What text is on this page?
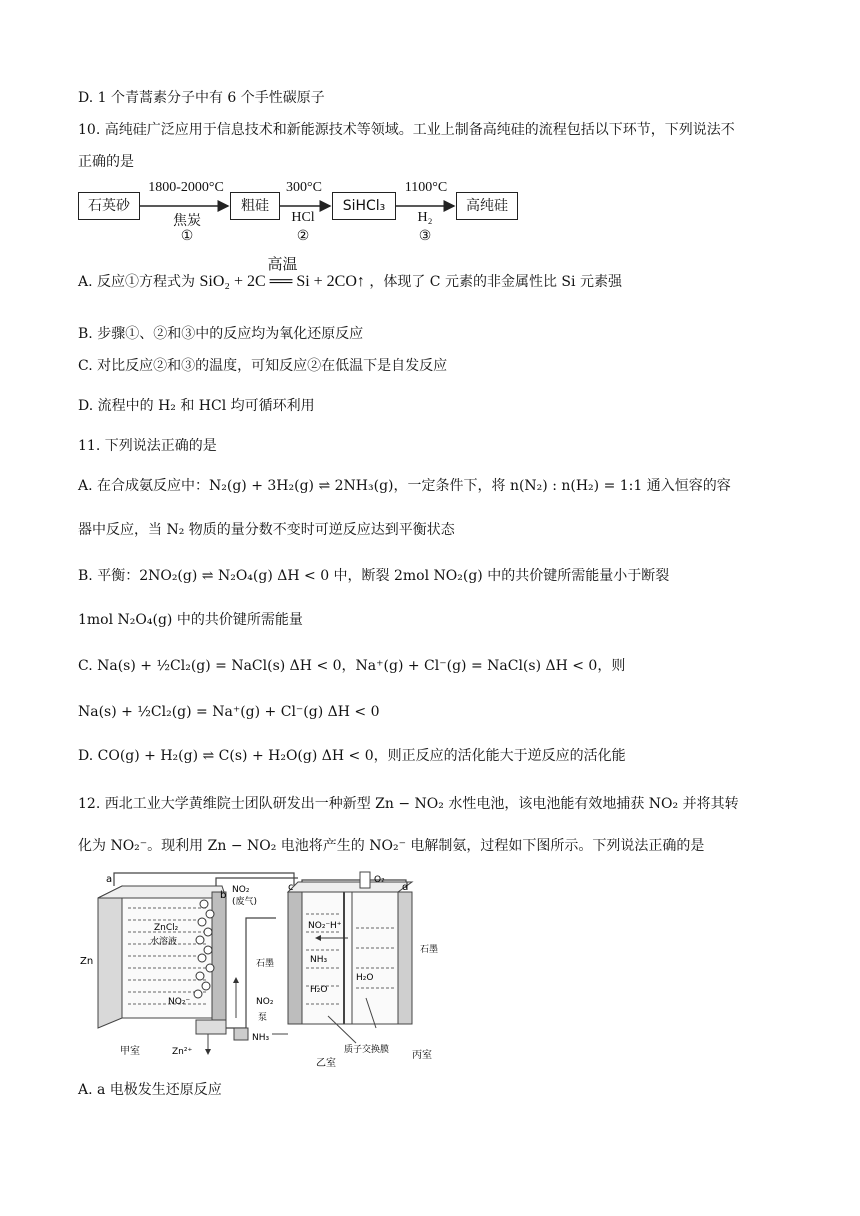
D. 1 个青蒿素分子中有 6 个手性碳原子
10. 高纯硅广泛应用于信息技术和新能源技术等领域。工业上制备高纯硅的流程包括以下环节，下列说法不
正确的是
石英砂	粗硅	SiHCl₃	高纯硅
1800-2000°C	300°C	1100°C
焦炭	HCl	H₂
①	②	③
A. 反应①方程式为
高温
SiO₂ + 2C ══ Si + 2CO↑ ，体现了 C 元素的非金属性比 Si 元素强
B. 步骤①、②和③中的反应均为氧化还原反应
C. 对比反应②和③的温度，可知反应②在低温下是自发反应
D. 流程中的 H₂ 和 HCl 均可循环利用
11. 下列说法正确的是
A. 在合成氨反应中：N₂(g) + 3H₂(g) ⇌ 2NH₃(g)，一定条件下，将 n(N₂) : n(H₂) = 1:1 通入恒容的容
器中反应，当 N₂ 物质的量分数不变时可逆反应达到平衡状态
B. 平衡：2NO₂(g) ⇌ N₂O₄(g) ΔH < 0 中，断裂 2mol NO₂(g) 中的共价键所需能量小于断裂
1mol N₂O₄(g) 中的共价键所需能量
C. Na(s) + ½Cl₂(g) = NaCl(s) ΔH < 0，Na⁺(g) + Cl⁻(g) = NaCl(s) ΔH < 0，则
Na(s) + ½Cl₂(g) = Na⁺(g) + Cl⁻(g) ΔH < 0
D. CO(g) + H₂(g) ⇌ C(s) + H₂O(g) ΔH < 0，则正反应的活化能大于逆反应的活化能
12. 西北工业大学黄维院士团队研发出一种新型 Zn − NO₂ 水性电池，该电池能有效地捕获 NO₂ 并将其转
化为 NO₂⁻。现利用 Zn − NO₂ 电池将产生的 NO₂⁻ 电解制氨，过程如下图所示。下列说法正确的是
a
b
c	d
NO₂
(废气)
ZnCl₂
水溶液
Zn
NO₂⁻
Zn²⁺
甲室
石墨
NO₂
泵
NH₃
O₂
NO₂⁻ H⁺
NH₃
H₂O
H₂O
质子交换膜
乙室
丙室
石墨
A. a 电极发生还原反应
